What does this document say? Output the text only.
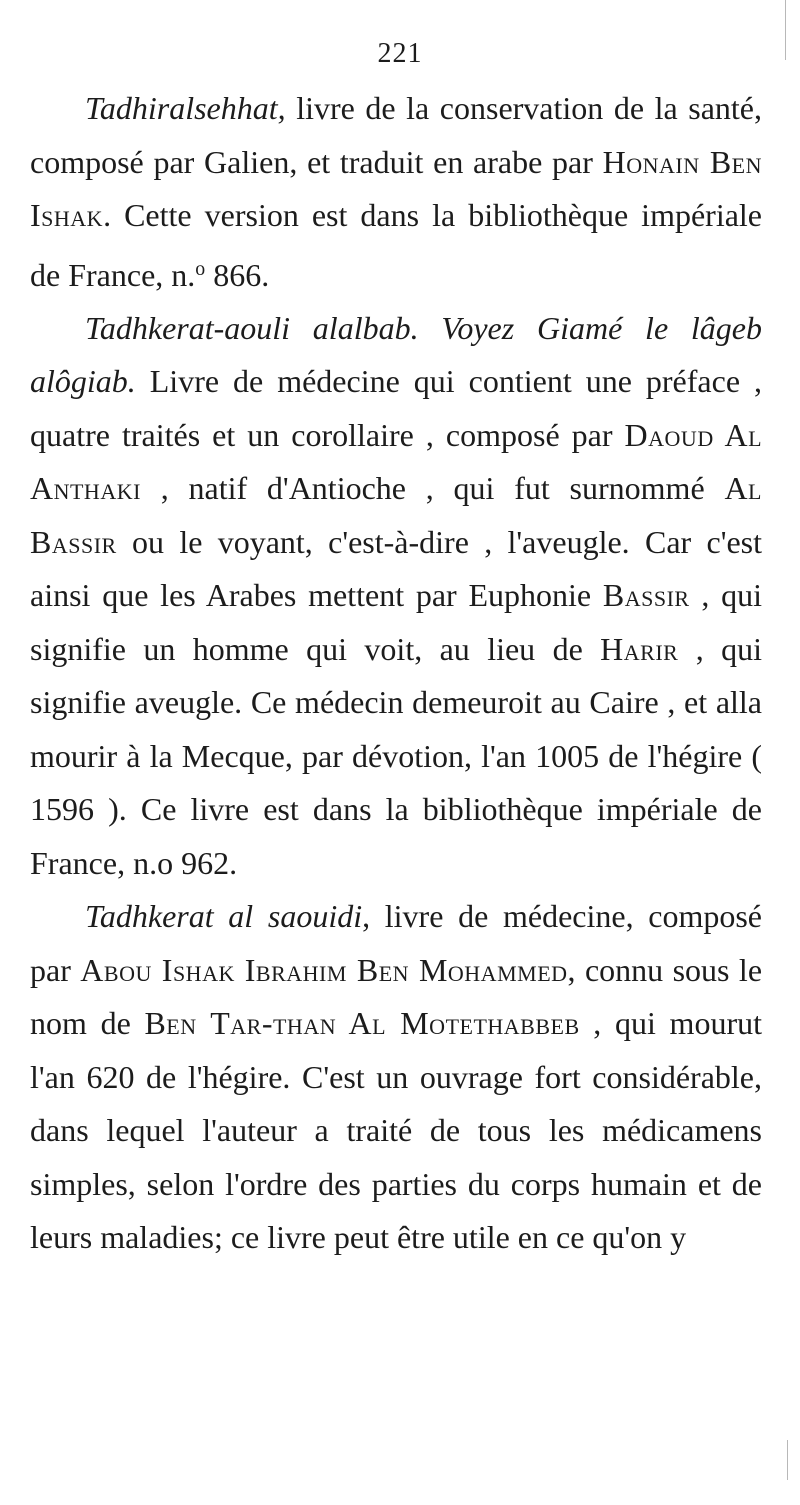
221

Tadhiralsehhat, livre de la conservation de la santé, composé par Galien, et traduit en arabe par Honain Ben Ishak. Cette version est dans la bibliothèque impériale de France, n.$^o$ 866.

Tadhkerat-aouli alalbab. Voyez Giamé le lâgeb alôgiab. Livre de médecine qui contient une préface , quatre traités et un corollaire , composé par Daoud Al Anthaki , natif d'Antioche , qui fut surnommé Al Bassir ou le voyant, c'est-à-dire , l'aveugle. Car c'est ainsi que les Arabes mettent par Euphonie Bassir , qui signifie un homme qui voit, au lieu de Harir , qui signifie aveugle. Ce médecin demeuroit au Caire , et alla mourir à la Mecque, par dévotion, l'an 1005 de l'hégire ( 1596 ). Ce livre est dans la bibliothèque impériale de France, n.o 962.

Tadhkerat al saouidi, livre de médecine, composé par Abou Ishak Ibrahim Ben Mohammed, connu sous le nom de Ben Tar-than Al Motethabbeb , qui mourut l'an 620 de l'hégire. C'est un ouvrage fort considérable, dans lequel l'auteur a traité de tous les médicamens simples, selon l'ordre des parties du corps humain et de leurs maladies; ce livre peut être utile en ce qu'on y
